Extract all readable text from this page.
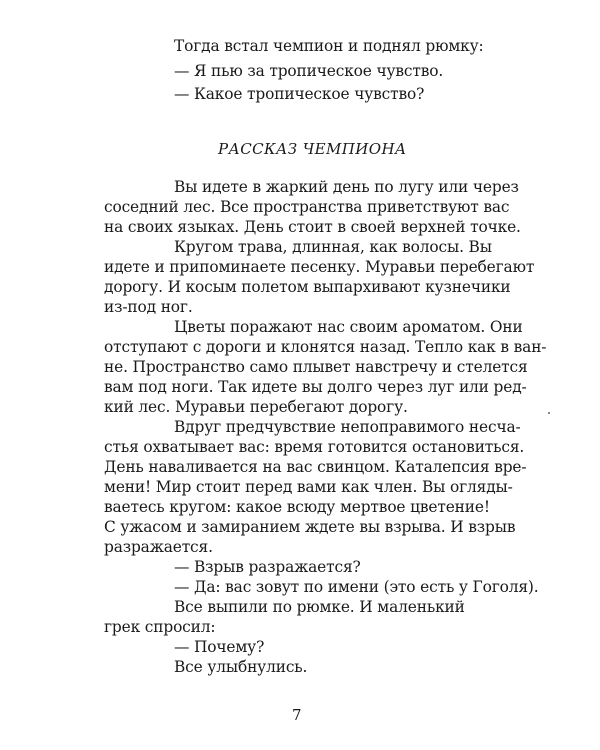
Тогда встал чемпион и поднял рюмку:
— Я пью за тропическое чувство.
— Какое тропическое чувство?
РАССКАЗ ЧЕМПИОНА
Вы идете в жаркий день по лугу или через
соседний лес. Все пространства приветствуют вас
на своих языках. День стоит в своей верхней точке.
Кругом трава, длинная, как волосы. Вы
идете и припоминаете песенку. Муравьи перебегают
дорогу. И косым полетом выпархивают кузнечики
из-под ног.
Цветы поражают нас своим ароматом. Они
отступают с дороги и клонятся назад. Тепло как в ван-
не. Пространство само плывет навстречу и стелется
вам под ноги. Так идете вы долго через луг или ред-
кий лес. Муравьи перебегают дорогу.
Вдруг предчувствие непоправимого несча-
стья охватывает вас: время готовится остановиться.
День наваливается на вас свинцом. Каталепсия вре-
мени! Мир стоит перед вами как член. Вы огляды-
ваетесь кругом: какое всюду мертвое цветение!
С ужасом и замиранием ждете вы взрыва. И взрыв
разражается.
— Взрыв разражается?
— Да: вас зовут по имени (это есть у Гоголя).
Все выпили по рюмке. И маленький
грек спросил:
— Почему?
Все улыбнулись.
7
